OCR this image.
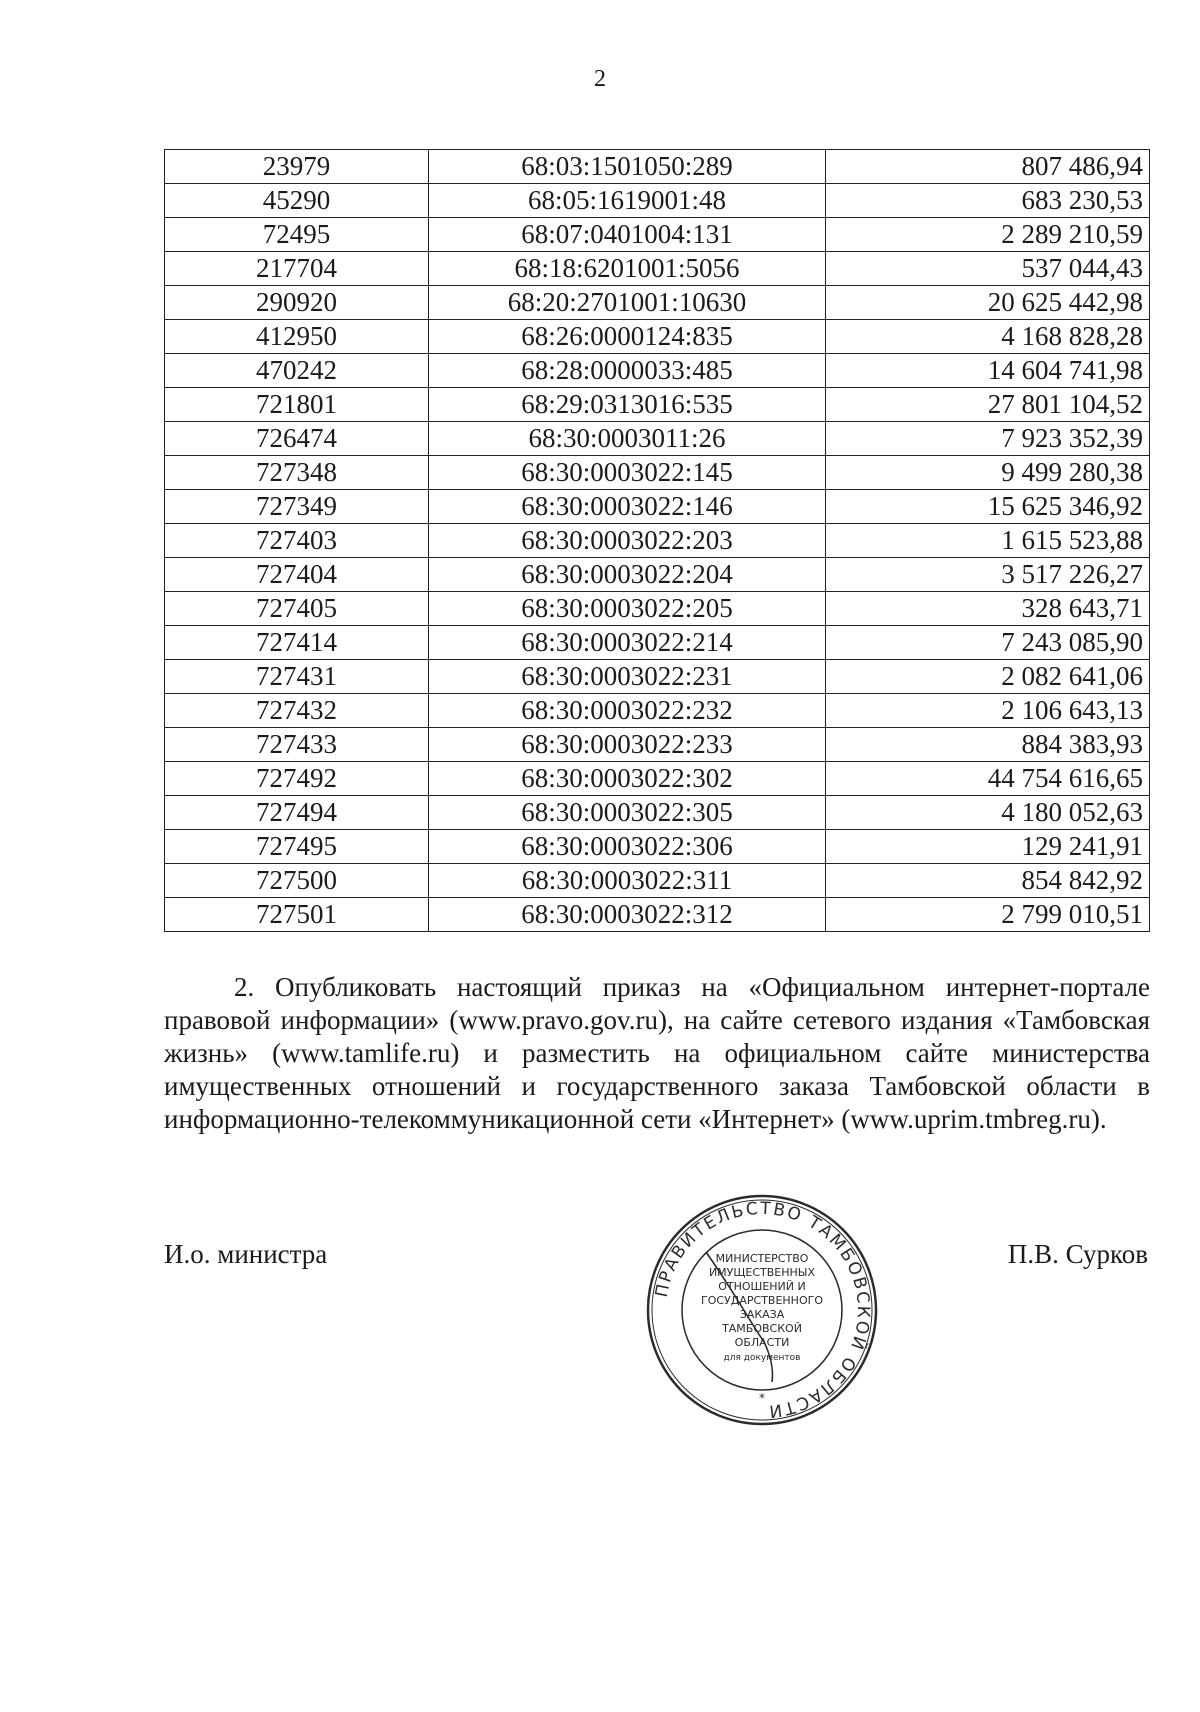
2
23979	68:03:1501050:289	807 486,94
45290	68:05:1619001:48	683 230,53
72495	68:07:0401004:131	2 289 210,59
217704	68:18:6201001:5056	537 044,43
290920	68:20:2701001:10630	20 625 442,98
412950	68:26:0000124:835	4 168 828,28
470242	68:28:0000033:485	14 604 741,98
721801	68:29:0313016:535	27 801 104,52
726474	68:30:0003011:26	7 923 352,39
727348	68:30:0003022:145	9 499 280,38
727349	68:30:0003022:146	15 625 346,92
727403	68:30:0003022:203	1 615 523,88
727404	68:30:0003022:204	3 517 226,27
727405	68:30:0003022:205	328 643,71
727414	68:30:0003022:214	7 243 085,90
727431	68:30:0003022:231	2 082 641,06
727432	68:30:0003022:232	2 106 643,13
727433	68:30:0003022:233	884 383,93
727492	68:30:0003022:302	44 754 616,65
727494	68:30:0003022:305	4 180 052,63
727495	68:30:0003022:306	129 241,91
727500	68:30:0003022:311	854 842,92
727501	68:30:0003022:312	2 799 010,51

2. Опубликовать настоящий приказ на «Официальном интернет-портале правовой информации» (www.pravo.gov.ru), на сайте сетевого издания «Тамбовская жизнь» (www.tamlife.ru) и разместить на официальном сайте министерства имущественных отношений и государственного заказа Тамбовской области в информационно-телекоммуникационной сети «Интернет» (www.uprim.tmbreg.ru).

И.о. министра	П.В. Сурков
ПРАВИТЕЛЬСТВО ТАМБОВСКОЙ ОБЛАСТИ
МИНИСТЕРСТВО
ИМУЩЕСТВЕННЫХ
ОТНОШЕНИЙ И
ГОСУДАРСТВЕННОГО
ЗАКАЗА
ТАМБОВСКОЙ
ОБЛАСТИ
для документов
*
